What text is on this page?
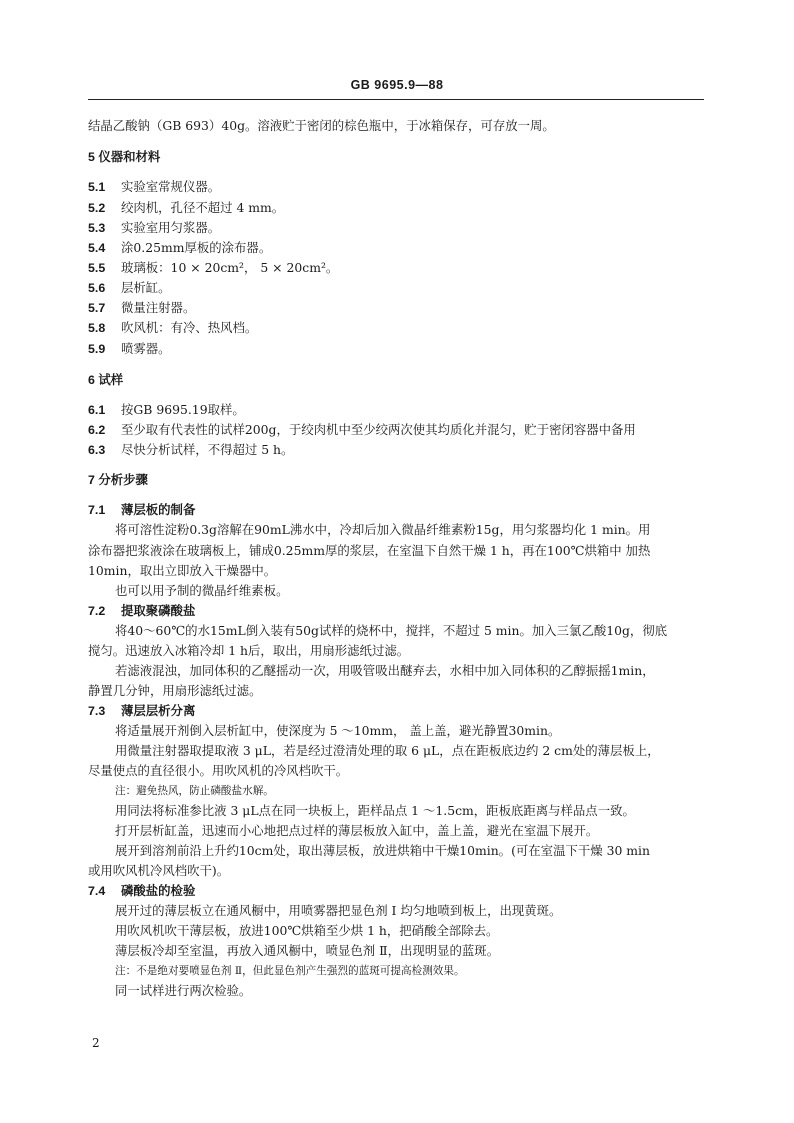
GB 9695.9—88
结晶乙酸钠（GB 693）40g。溶液贮于密闭的棕色瓶中，于冰箱保存，可存放一周。
5 仪器和材料
5.1 实验室常规仪器。
5.2 绞肉机，孔径不超过 4 mm。
5.3 实验室用匀浆器。
5.4 涂0.25mm厚板的涂布器。
5.5 玻璃板：10 × 20cm²， 5 × 20cm²。
5.6 层析缸。
5.7 微量注射器。
5.8 吹风机：有冷、热风档。
5.9 喷雾器。
6 试样
6.1 按GB 9695.19取样。
6.2 至少取有代表性的试样200g，于绞肉机中至少绞两次使其均质化并混匀，贮于密闭容器中备用
6.3 尽快分析试样，不得超过 5 h。
7 分析步骤
7.1 薄层板的制备
将可溶性淀粉0.3g溶解在90mL沸水中，冷却后加入微晶纤维素粉15g，用匀浆器均化 1 min。用
涂布器把浆液涂在玻璃板上，铺成0.25mm厚的浆层，在室温下自然干燥 1 h，再在100℃烘箱中 加热
10min，取出立即放入干燥器中。
也可以用予制的微晶纤维素板。
7.2 提取聚磷酸盐
将40～60℃的水15mL倒入装有50g试样的烧杯中，搅拌，不超过 5 min。加入三氯乙酸10g，彻底
搅匀。迅速放入冰箱冷却 1 h后，取出，用扇形滤纸过滤。
若滤液混浊，加同体积的乙醚摇动一次，用吸管吸出醚弃去，水相中加入同体积的乙醇振摇1min，
静置几分钟，用扇形滤纸过滤。
7.3 薄层层析分离
将适量展开剂倒入层析缸中，使深度为 5 ～10mm， 盖上盖，避光静置30min。
用微量注射器取提取液 3 μL，若是经过澄清处理的取 6 μL，点在距板底边约 2 cm处的薄层板上，
尽量使点的直径很小。用吹风机的冷风档吹干。
注：避免热风，防止磷酸盐水解。
用同法将标准参比液 3 μL点在同一块板上，距样品点 1 ～1.5cm，距板底距离与样品点一致。
打开层析缸盖，迅速而小心地把点过样的薄层板放入缸中，盖上盖，避光在室温下展开。
展开到溶剂前沿上升约10cm处，取出薄层板，放进烘箱中干燥10min。(可在室温下干燥 30 min
或用吹风机冷风档吹干)。
7.4 磷酸盐的检验
展开过的薄层板立在通风橱中，用喷雾器把显色剂 Ⅰ 均匀地喷到板上，出现黄斑。
用吹风机吹干薄层板，放进100℃烘箱至少烘 1 h，把硝酸全部除去。
薄层板冷却至室温，再放入通风橱中，喷显色剂 Ⅱ，出现明显的蓝斑。
注：不是绝对要喷显色剂 Ⅱ，但此显色剂产生强烈的蓝斑可提高检测效果。
同一试样进行两次检验。
2
